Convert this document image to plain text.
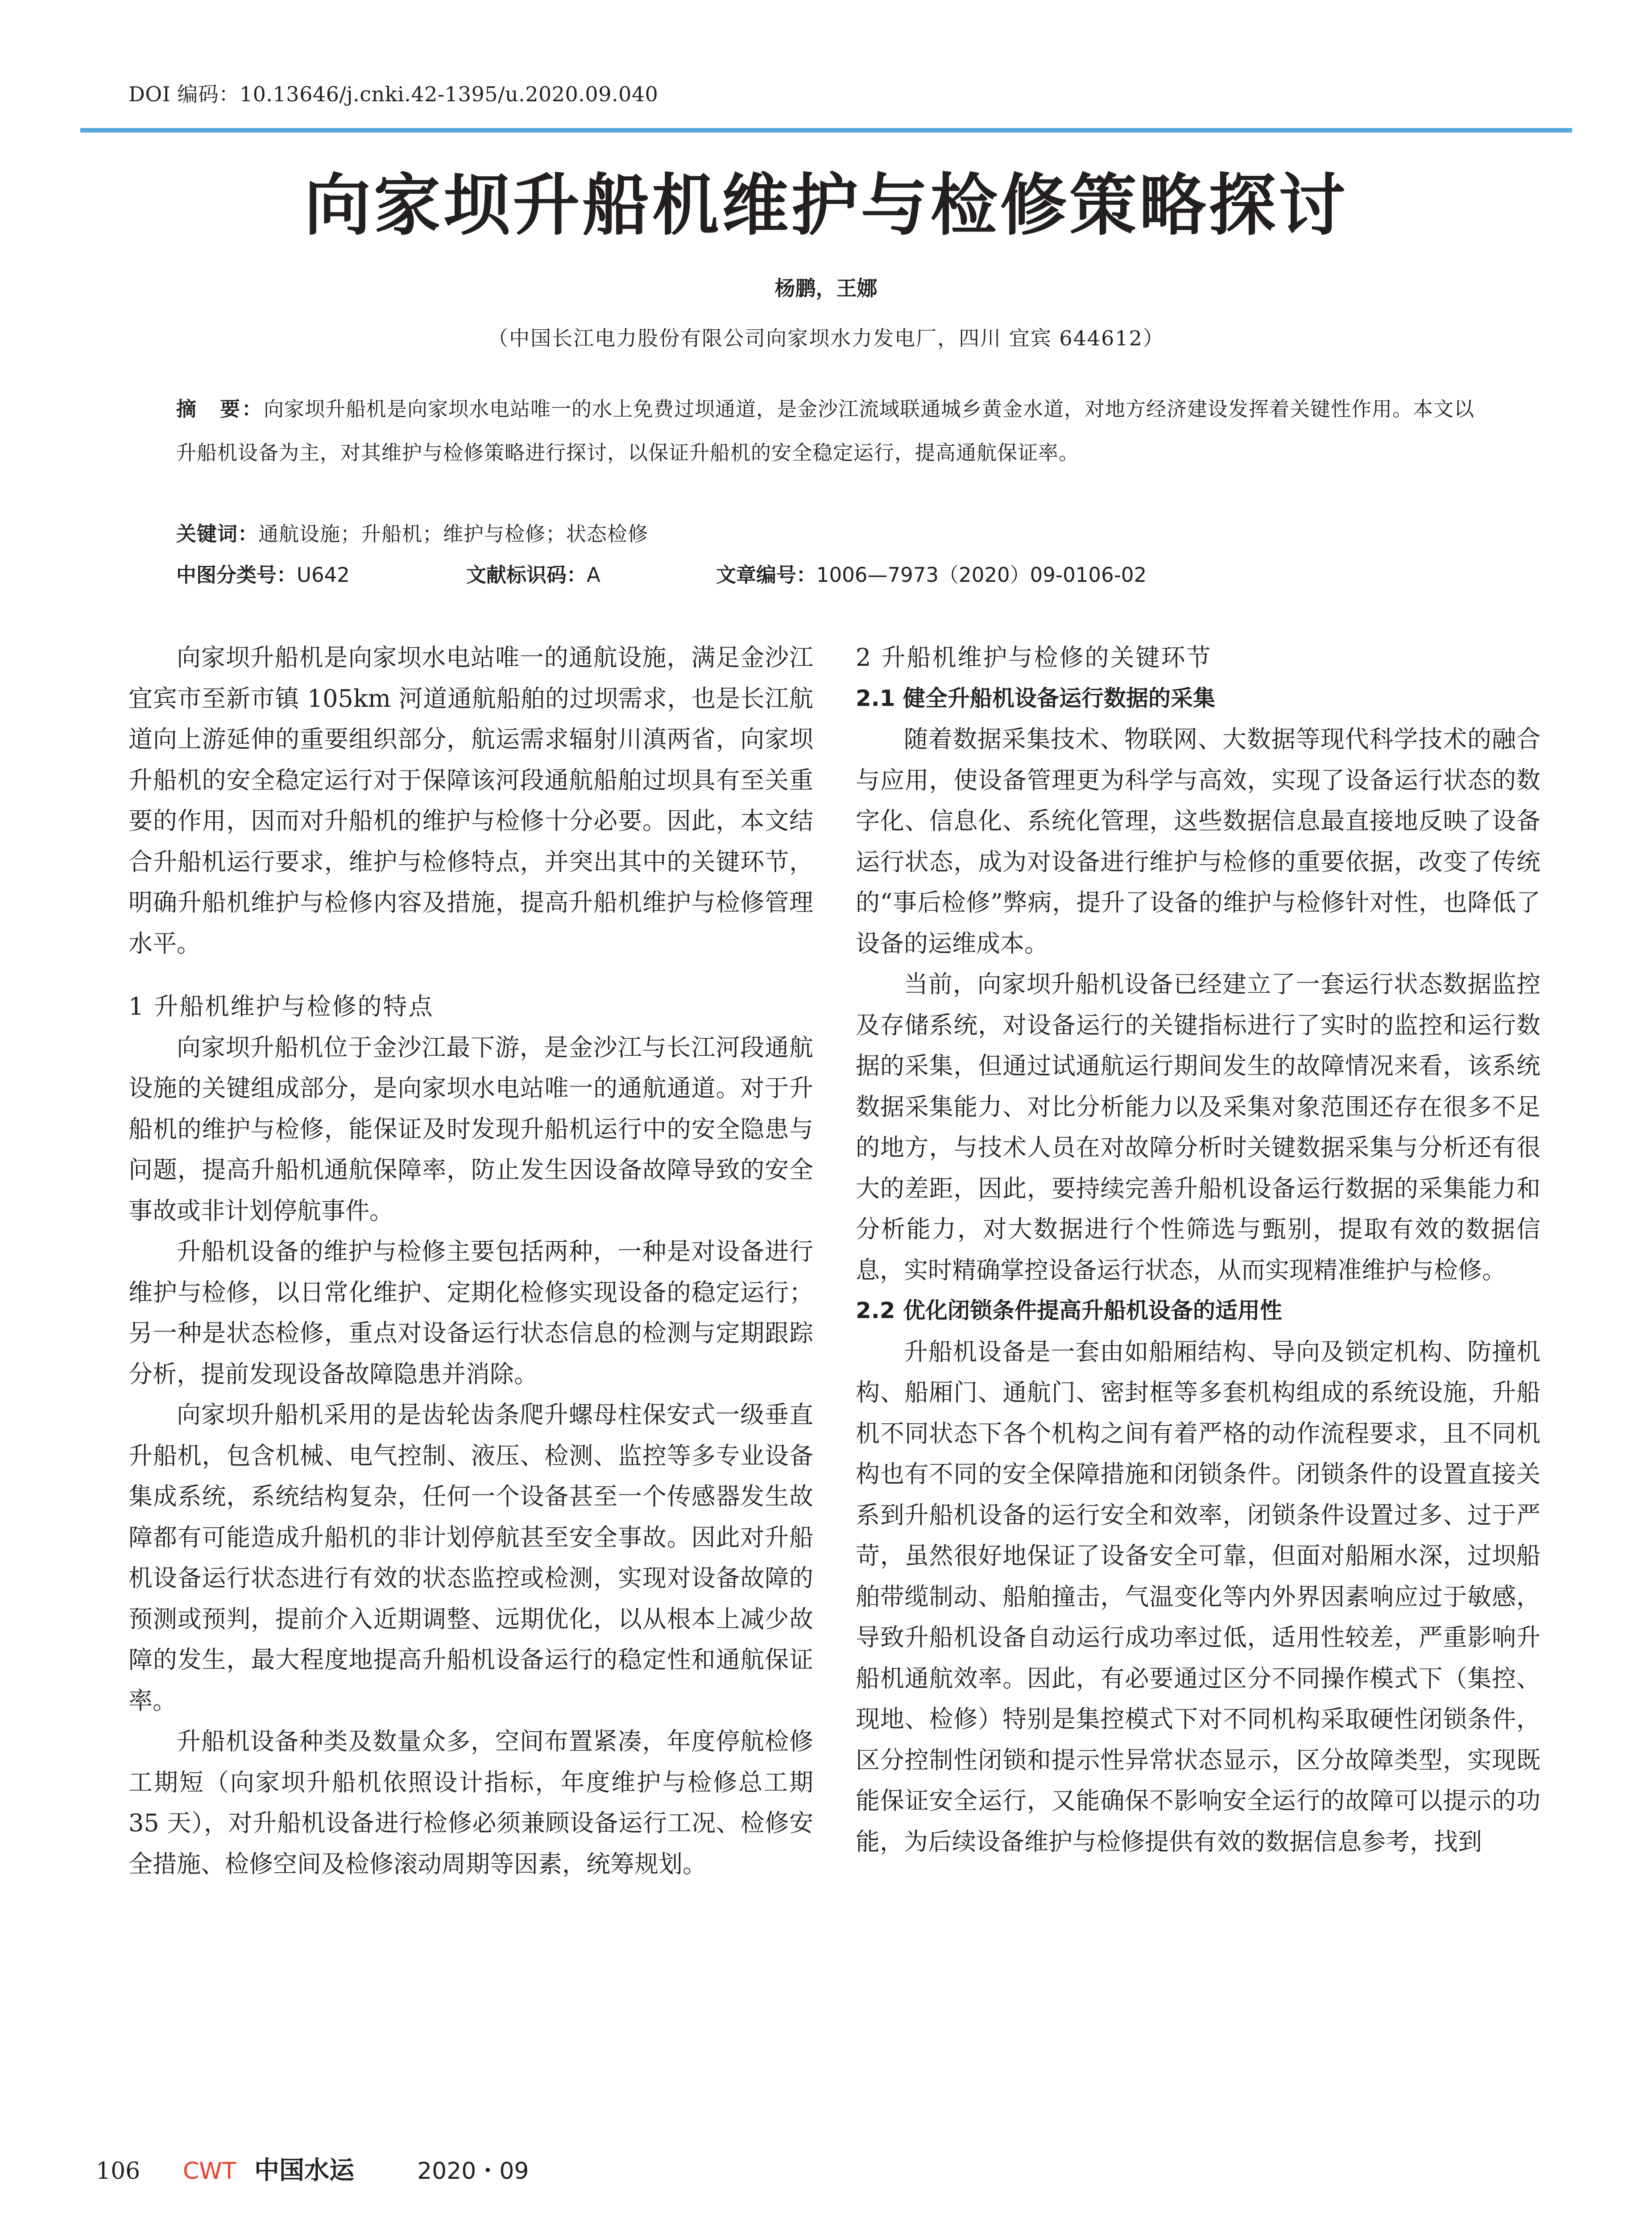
DOI 编码：10.13646/j.cnki.42-1395/u.2020.09.040
向家坝升船机维护与检修策略探讨
杨鹏，王娜
（中国长江电力股份有限公司向家坝水力发电厂，四川 宜宾 644612）
摘　要：向家坝升船机是向家坝水电站唯一的水上免费过坝通道，是金沙江流域联通城乡黄金水道，对地方经济建设发挥着关键性作用。本文以升船机设备为主，对其维护与检修策略进行探讨，以保证升船机的安全稳定运行，提高通航保证率。
关键词：通航设施；升船机；维护与检修；状态检修
中图分类号：U642	文献标识码：A	文章编号：1006—7973（2020）09-0106-02

向家坝升船机是向家坝水电站唯一的通航设施，满足金沙江宜宾市至新市镇 105km 河道通航船舶的过坝需求，也是长江航道向上游延伸的重要组织部分，航运需求辐射川滇两省，向家坝升船机的安全稳定运行对于保障该河段通航船舶过坝具有至关重要的作用，因而对升船机的维护与检修十分必要。因此，本文结合升船机运行要求，维护与检修特点，并突出其中的关键环节，明确升船机维护与检修内容及措施，提高升船机维护与检修管理水平。

1 升船机维护与检修的特点

向家坝升船机位于金沙江最下游，是金沙江与长江河段通航设施的关键组成部分，是向家坝水电站唯一的通航通道。对于升船机的维护与检修，能保证及时发现升船机运行中的安全隐患与问题，提高升船机通航保障率，防止发生因设备故障导致的安全事故或非计划停航事件。

升船机设备的维护与检修主要包括两种，一种是对设备进行维护与检修，以日常化维护、定期化检修实现设备的稳定运行；另一种是状态检修，重点对设备运行状态信息的检测与定期跟踪分析，提前发现设备故障隐患并消除。

向家坝升船机采用的是齿轮齿条爬升螺母柱保安式一级垂直升船机，包含机械、电气控制、液压、检测、监控等多专业设备集成系统，系统结构复杂，任何一个设备甚至一个传感器发生故障都有可能造成升船机的非计划停航甚至安全事故。因此对升船机设备运行状态进行有效的状态监控或检测，实现对设备故障的预测或预判，提前介入近期调整、远期优化，以从根本上减少故障的发生，最大程度地提高升船机设备运行的稳定性和通航保证率。

升船机设备种类及数量众多，空间布置紧凑，年度停航检修工期短（向家坝升船机依照设计指标，年度维护与检修总工期 35 天），对升船机设备进行检修必须兼顾设备运行工况、检修安全措施、检修空间及检修滚动周期等因素，统筹规划。

2 升船机维护与检修的关键环节
2.1 健全升船机设备运行数据的采集

随着数据采集技术、物联网、大数据等现代科学技术的融合与应用，使设备管理更为科学与高效，实现了设备运行状态的数字化、信息化、系统化管理，这些数据信息最直接地反映了设备运行状态，成为对设备进行维护与检修的重要依据，改变了传统的“事后检修”弊病，提升了设备的维护与检修针对性，也降低了设备的运维成本。

当前，向家坝升船机设备已经建立了一套运行状态数据监控及存储系统，对设备运行的关键指标进行了实时的监控和运行数据的采集，但通过试通航运行期间发生的故障情况来看，该系统数据采集能力、对比分析能力以及采集对象范围还存在很多不足的地方，与技术人员在对故障分析时关键数据采集与分析还有很大的差距，因此，要持续完善升船机设备运行数据的采集能力和分析能力，对大数据进行个性筛选与甄别，提取有效的数据信息，实时精确掌控设备运行状态，从而实现精准维护与检修。

2.2 优化闭锁条件提高升船机设备的适用性

升船机设备是一套由如船厢结构、导向及锁定机构、防撞机构、船厢门、通航门、密封框等多套机构组成的系统设施，升船机不同状态下各个机构之间有着严格的动作流程要求，且不同机构也有不同的安全保障措施和闭锁条件。闭锁条件的设置直接关系到升船机设备的运行安全和效率，闭锁条件设置过多、过于严苛，虽然很好地保证了设备安全可靠，但面对船厢水深，过坝船舶带缆制动、船舶撞击，气温变化等内外界因素响应过于敏感，导致升船机设备自动运行成功率过低，适用性较差，严重影响升船机通航效率。因此，有必要通过区分不同操作模式下（集控、现地、检修）特别是集控模式下对不同机构采取硬性闭锁条件，区分控制性闭锁和提示性异常状态显示，区分故障类型，实现既能保证安全运行，又能确保不影响安全运行的故障可以提示的功能，为后续设备维护与检修提供有效的数据信息参考，找到

106	CWT 中国水运	2020・09
